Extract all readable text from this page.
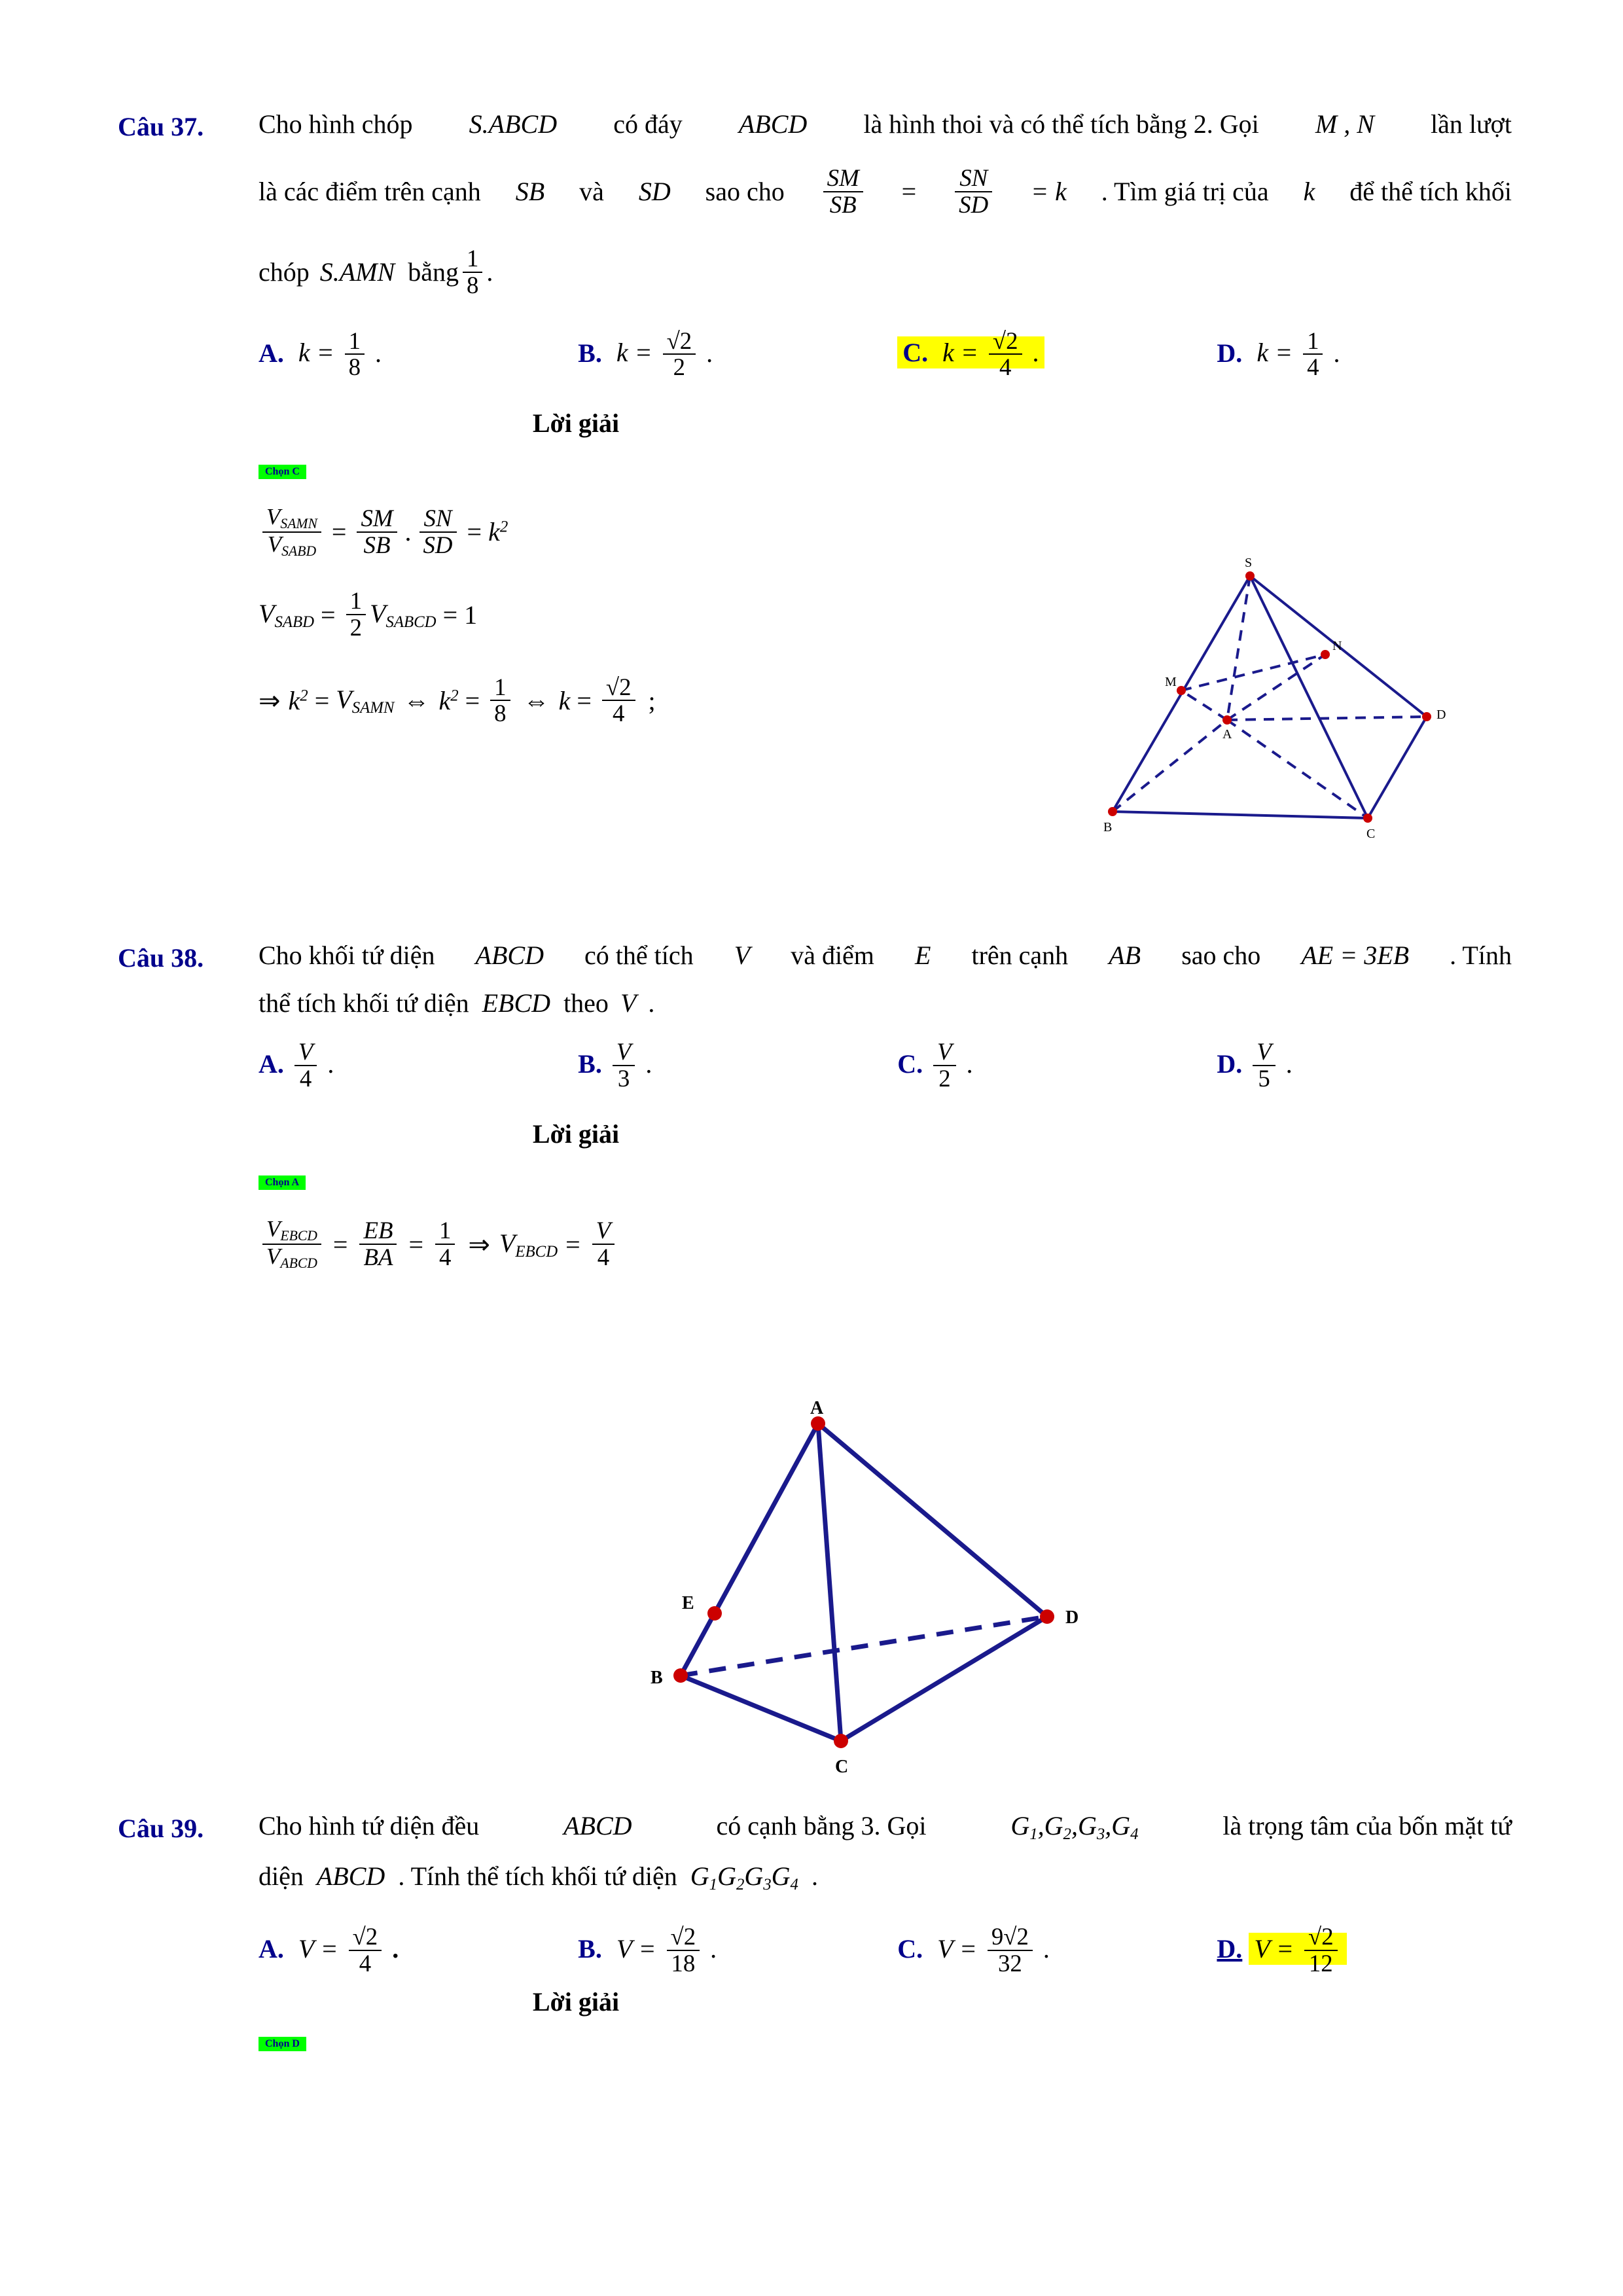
Câu 37.	Cho hình chóp S.ABCD có đáy ABCD là hình thoi và có thể tích bằng 2. Gọi M , N lần lượt
là các điểm trên cạnh SB và SD sao cho $\frac{SM}{SB} = \frac{SN}{SD} = k$ . Tìm giá trị của k để thể tích khối
chóp S.AMN bằng $\frac{1}{8}$ .
A. $k = \frac{1}{8}$ .	B. $k = \frac{√2}{2}$ .	C. $k = \frac{√2}{4}$ .	D. $k = \frac{1}{4}$ .
Lời giải
Chọn C
$\frac{V_{SAMN}}{V_{SABD}} = \frac{SM}{SB}$ . $\frac{SN}{SD} = k^2$
$V_{SABD} = \frac{1}{2} V_{SABCD} = 1$
⇒ $k^2 = V_{SAMN}$ ⇔ $k^2 = \frac{1}{8}$ ⇔ $k = \frac{√2}{4}$ ;
S
N
M
A
D
B	C
Câu 38.	Cho khối tứ diện ABCD có thể tích V và điểm E trên cạnh AB sao cho AE = 3EB . Tính
thể tích khối tứ diện EBCD theo V .
A. $\frac{V}{4}$ .	B. $\frac{V}{3}$ .	C. $\frac{V}{2}$ .	D. $\frac{V}{5}$ .
Lời giải
Chọn A
$\frac{V_{EBCD}}{V_{ABCD}} = \frac{EB}{BA} = \frac{1}{4}$ ⇒ $V_{EBCD} = \frac{V}{4}$
A
E
B
D
C
Câu 39.	Cho hình tứ diện đều	ABCD	có cạnh bằng 3. Gọi	$G_1,G_2,G_3,G_4$	là trọng tâm của bốn mặt tứ
diện ABCD . Tính thể tích khối tứ diện $G_1G_2G_3G_4$ .
A. $V = \frac{√2}{4}$ .	B. $V = \frac{√2}{18}$ .	C. $V = \frac{9√2}{32}$ .	D. $V = \frac{√2}{12}$
Lời giải
Chọn D
